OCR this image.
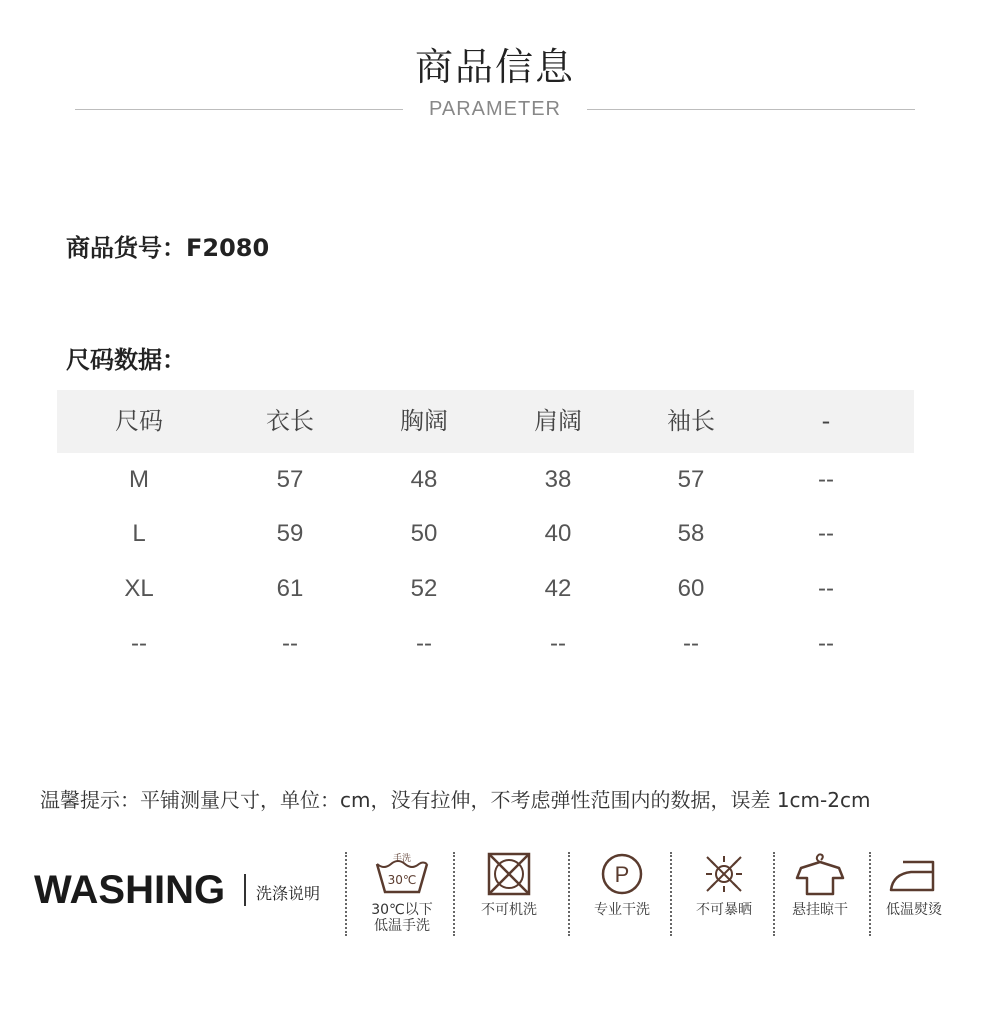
商品信息
PARAMETER
商品货号：F2080
尺码数据：
尺码	衣长	胸阔	肩阔	袖长	-
M	57	48	38	57	--
L	59	50	40	58	--
XL	61	52	42	60	--
--	--	--	--	--	--
温馨提示：平铺测量尺寸，单位：cm，没有拉伸，不考虑弹性范围内的数据，误差 1cm-2cm
WASHING 洗涤说明
手洗
30℃
30℃以下
低温手洗
不可机洗
P
专业干洗	不可暴晒	悬挂晾干	低温熨烫
